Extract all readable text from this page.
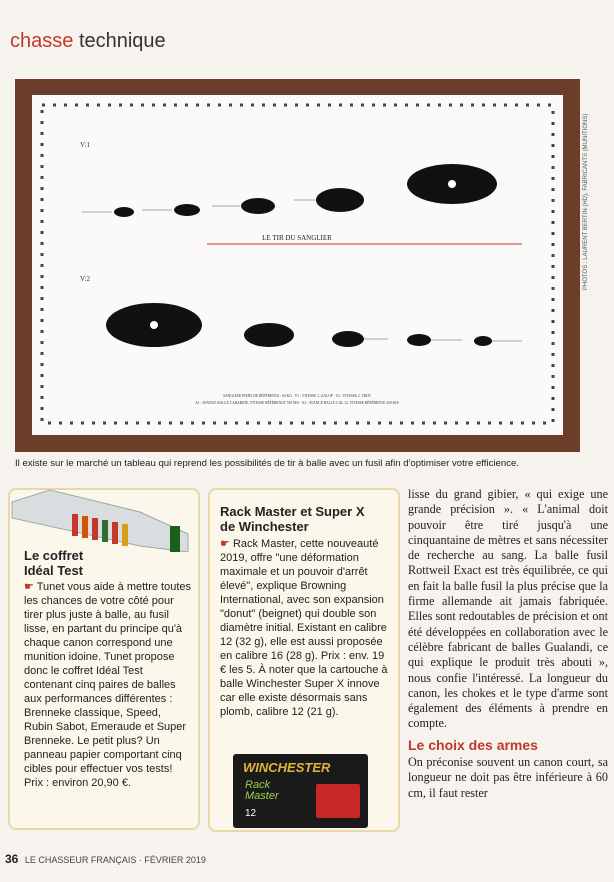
chasse technique
V:1
V:2
LE TIR DU SANGLIER
SANGLIER POIDS DE RÉFÉRENCE : 60 KG · V1 : VITESSE 1, GALOP · V2 : VITESSE 2, TROT
A1 : AVANCE BALLE CARABINE, VITESSE RÉFÉRENCE 760 M/S · A2 : AVANCE BALLE CAL 12, VITESSE RÉFÉRENCE 430 M/S
PHOTOS : LAURENT BERTIN (HD), FABRICANTS (MUNITIONS)
Il existe sur le marché un tableau qui reprend les possibilités de tir à balle avec un fusil afin d'optimiser votre efficience.
Le coffret
Idéal Test
☛ Tunet vous aide à mettre toutes les chances de votre côté pour tirer plus juste à balle, au fusil lisse, en partant du principe qu'à chaque canon correspond une munition idoine. Tunet propose donc le coffret Idéal Test contenant cinq paires de balles aux performances différentes : Brenneke classique, Speed, Rubin Sabot, Emeraude et Super Brenneke. Le petit plus? Un panneau papier comportant cinq cibles pour effectuer vos tests! Prix : environ 20,90 €.
Rack Master et Super X
de Winchester
☛ Rack Master, cette nouveauté 2019, offre "une déformation maximale et un pouvoir d'arrêt élevé", explique Browning International, avec son expansion "donut" (beignet) qui double son diamètre initial. Existant en calibre 12 (32 g), elle est aussi proposée en calibre 16 (28 g). Prix : env. 19 € les 5. À noter que la cartouche à balle Winchester Super X innove car elle existe désormais sans plomb, calibre 12 (21 g).
WINCHESTER
Rack
Master
12
lisse du grand gibier, « qui exige une grande précision ». « L'animal doit pouvoir être tiré jusqu'à une cinquantaine de mètres et sans nécessiter de recherche au sang. La balle fusil Rottweil Exact est très équilibrée, ce qui en fait la balle fusil la plus précise que la firme allemande ait jamais fabriquée. Elles sont redoutables de précision et ont été développées en collaboration avec le célèbre fabricant de balles Gualandi, ce qui explique le produit très abouti », nous confie l'intéressé. La longueur du canon, les chokes et le type d'arme sont également des éléments à prendre en compte.
Le choix des armes
On préconise souvent un canon court, sa longueur ne doit pas être inférieure à 60 cm, il faut rester
36 LE CHASSEUR FRANÇAIS · FÉVRIER 2019
